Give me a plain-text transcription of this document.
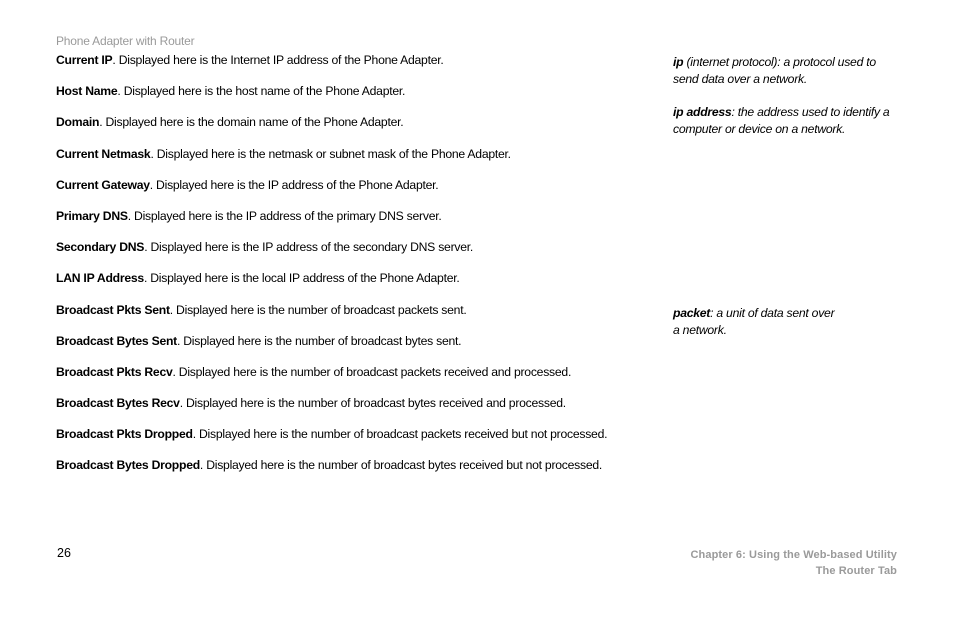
Phone Adapter with Router
Current IP. Displayed here is the Internet IP address of the Phone Adapter.
Host Name. Displayed here is the host name of the Phone Adapter.
Domain. Displayed here is the domain name of the Phone Adapter.
Current Netmask. Displayed here is the netmask or subnet mask of the Phone Adapter.
Current Gateway. Displayed here is the IP address of the Phone Adapter.
Primary DNS. Displayed here is the IP address of the primary DNS server.
Secondary DNS. Displayed here is the IP address of the secondary DNS server.
LAN IP Address. Displayed here is the local IP address of the Phone Adapter.
Broadcast Pkts Sent. Displayed here is the number of broadcast packets sent.
Broadcast Bytes Sent. Displayed here is the number of broadcast bytes sent.
Broadcast Pkts Recv. Displayed here is the number of broadcast packets received and processed.
Broadcast Bytes Recv. Displayed here is the number of broadcast bytes received and processed.
Broadcast Pkts Dropped. Displayed here is the number of broadcast packets received but not processed.
Broadcast Bytes Dropped. Displayed here is the number of broadcast bytes received but not processed.
ip (internet protocol): a protocol used to
send data over a network.
ip address: the address used to identify a
computer or device on a network.
packet: a unit of data sent over
a network.
26	Chapter 6: Using the Web-based Utility
The Router Tab
